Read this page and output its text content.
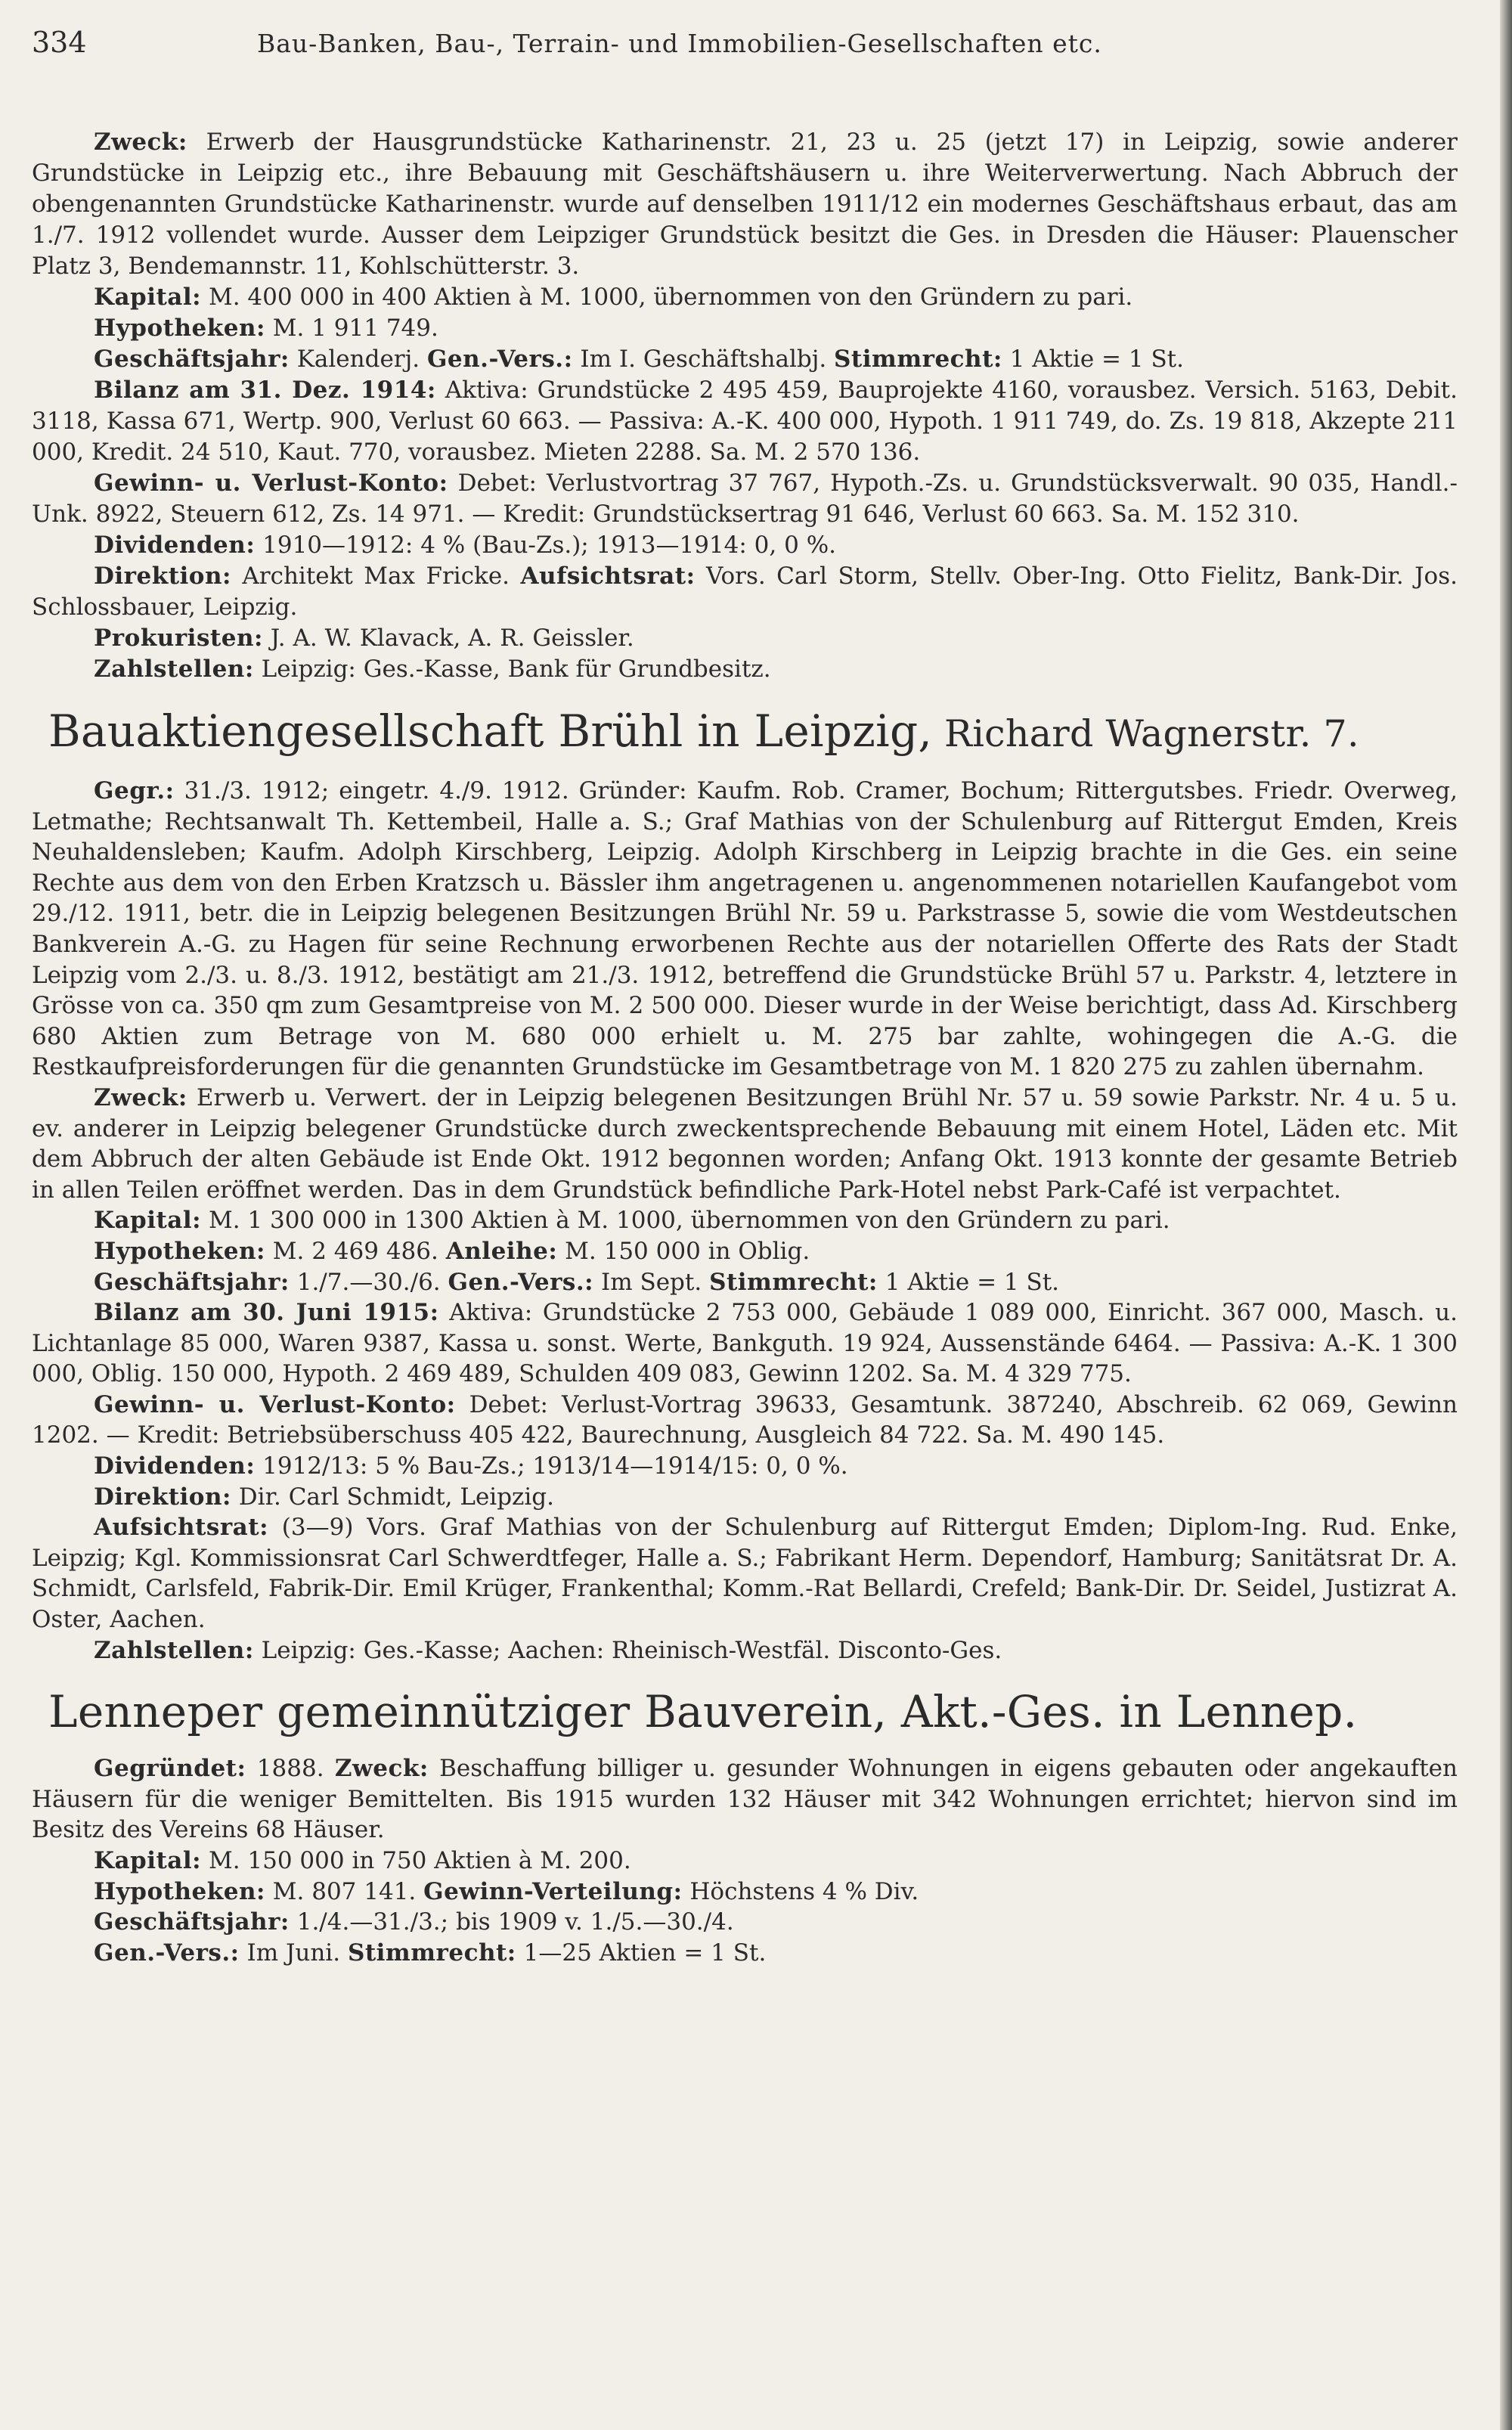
334	Bau-Banken, Bau-, Terrain- und Immobilien-Gesellschaften etc.

Zweck: Erwerb der Hausgrundstücke Katharinenstr. 21, 23 u. 25 (jetzt 17) in Leipzig, sowie anderer Grundstücke in Leipzig etc., ihre Bebauung mit Geschäftshäusern u. ihre Weiterverwertung. Nach Abbruch der obengenannten Grundstücke Katharinenstr. wurde auf denselben 1911/12 ein modernes Geschäftshaus erbaut, das am 1./7. 1912 vollendet wurde. Ausser dem Leipziger Grundstück besitzt die Ges. in Dresden die Häuser: Plauenscher Platz 3, Bendemannstr. 11, Kohlschütterstr. 3.

Kapital: M. 400 000 in 400 Aktien à M. 1000, übernommen von den Gründern zu pari.

Hypotheken: M. 1 911 749.

Geschäftsjahr: Kalenderj. Gen.-Vers.: Im I. Geschäftshalbj. Stimmrecht: 1 Aktie = 1 St.

Bilanz am 31. Dez. 1914: Aktiva: Grundstücke 2 495 459, Bauprojekte 4160, vorausbez. Versich. 5163, Debit. 3118, Kassa 671, Wertp. 900, Verlust 60 663. — Passiva: A.-K. 400 000, Hypoth. 1 911 749, do. Zs. 19 818, Akzepte 211 000, Kredit. 24 510, Kaut. 770, vorausbez. Mieten 2288. Sa. M. 2 570 136.

Gewinn- u. Verlust-Konto: Debet: Verlustvortrag 37 767, Hypoth.-Zs. u. Grundstücksverwalt. 90 035, Handl.-Unk. 8922, Steuern 612, Zs. 14 971. — Kredit: Grundstücksertrag 91 646, Verlust 60 663. Sa. M. 152 310.

Dividenden: 1910—1912: 4 % (Bau-Zs.); 1913—1914: 0, 0 %.

Direktion: Architekt Max Fricke. Aufsichtsrat: Vors. Carl Storm, Stellv. Ober-Ing. Otto Fielitz, Bank-Dir. Jos. Schlossbauer, Leipzig.

Prokuristen: J. A. W. Klavack, A. R. Geissler.

Zahlstellen: Leipzig: Ges.-Kasse, Bank für Grundbesitz.

Bauaktiengesellschaft Brühl in Leipzig, Richard Wagnerstr. 7.

Gegr.: 31./3. 1912; eingetr. 4./9. 1912. Gründer: Kaufm. Rob. Cramer, Bochum; Rittergutsbes. Friedr. Overweg, Letmathe; Rechtsanwalt Th. Kettembeil, Halle a. S.; Graf Mathias von der Schulenburg auf Rittergut Emden, Kreis Neuhaldensleben; Kaufm. Adolph Kirschberg, Leipzig. Adolph Kirschberg in Leipzig brachte in die Ges. ein seine Rechte aus dem von den Erben Kratzsch u. Bässler ihm angetragenen u. angenommenen notariellen Kaufangebot vom 29./12. 1911, betr. die in Leipzig belegenen Besitzungen Brühl Nr. 59 u. Parkstrasse 5, sowie die vom Westdeutschen Bankverein A.-G. zu Hagen für seine Rechnung erworbenen Rechte aus der notariellen Offerte des Rats der Stadt Leipzig vom 2./3. u. 8./3. 1912, bestätigt am 21./3. 1912, betreffend die Grundstücke Brühl 57 u. Parkstr. 4, letztere in Grösse von ca. 350 qm zum Gesamtpreise von M. 2 500 000. Dieser wurde in der Weise berichtigt, dass Ad. Kirschberg 680 Aktien zum Betrage von M. 680 000 erhielt u. M. 275 bar zahlte, wohingegen die A.-G. die Restkaufpreisforderungen für die genannten Grundstücke im Gesamtbetrage von M. 1 820 275 zu zahlen übernahm.

Zweck: Erwerb u. Verwert. der in Leipzig belegenen Besitzungen Brühl Nr. 57 u. 59 sowie Parkstr. Nr. 4 u. 5 u. ev. anderer in Leipzig belegener Grundstücke durch zweckentsprechende Bebauung mit einem Hotel, Läden etc. Mit dem Abbruch der alten Gebäude ist Ende Okt. 1912 begonnen worden; Anfang Okt. 1913 konnte der gesamte Betrieb in allen Teilen eröffnet werden. Das in dem Grundstück befindliche Park-Hotel nebst Park-Café ist verpachtet.

Kapital: M. 1 300 000 in 1300 Aktien à M. 1000, übernommen von den Gründern zu pari.

Hypotheken: M. 2 469 486. Anleihe: M. 150 000 in Oblig.

Geschäftsjahr: 1./7.—30./6. Gen.-Vers.: Im Sept. Stimmrecht: 1 Aktie = 1 St.

Bilanz am 30. Juni 1915: Aktiva: Grundstücke 2 753 000, Gebäude 1 089 000, Einricht. 367 000, Masch. u. Lichtanlage 85 000, Waren 9387, Kassa u. sonst. Werte, Bankguth. 19 924, Aussenstände 6464. — Passiva: A.-K. 1 300 000, Oblig. 150 000, Hypoth. 2 469 489, Schulden 409 083, Gewinn 1202. Sa. M. 4 329 775.

Gewinn- u. Verlust-Konto: Debet: Verlust-Vortrag 39633, Gesamtunk. 387240, Abschreib. 62 069, Gewinn 1202. — Kredit: Betriebsüberschuss 405 422, Baurechnung, Ausgleich 84 722. Sa. M. 490 145.

Dividenden: 1912/13: 5 % Bau-Zs.; 1913/14—1914/15: 0, 0 %.

Direktion: Dir. Carl Schmidt, Leipzig.

Aufsichtsrat: (3—9) Vors. Graf Mathias von der Schulenburg auf Rittergut Emden; Diplom-Ing. Rud. Enke, Leipzig; Kgl. Kommissionsrat Carl Schwerdtfeger, Halle a. S.; Fabrikant Herm. Dependorf, Hamburg; Sanitätsrat Dr. A. Schmidt, Carlsfeld, Fabrik-Dir. Emil Krüger, Frankenthal; Komm.-Rat Bellardi, Crefeld; Bank-Dir. Dr. Seidel, Justizrat A. Oster, Aachen.

Zahlstellen: Leipzig: Ges.-Kasse; Aachen: Rheinisch-Westfäl. Disconto-Ges.

Lenneper gemeinnütziger Bauverein, Akt.-Ges. in Lennep.

Gegründet: 1888. Zweck: Beschaffung billiger u. gesunder Wohnungen in eigens gebauten oder angekauften Häusern für die weniger Bemittelten. Bis 1915 wurden 132 Häuser mit 342 Wohnungen errichtet; hiervon sind im Besitz des Vereins 68 Häuser.

Kapital: M. 150 000 in 750 Aktien à M. 200.

Hypotheken: M. 807 141. Gewinn-Verteilung: Höchstens 4 % Div.

Geschäftsjahr: 1./4.—31./3.; bis 1909 v. 1./5.—30./4.

Gen.-Vers.: Im Juni. Stimmrecht: 1—25 Aktien = 1 St.
